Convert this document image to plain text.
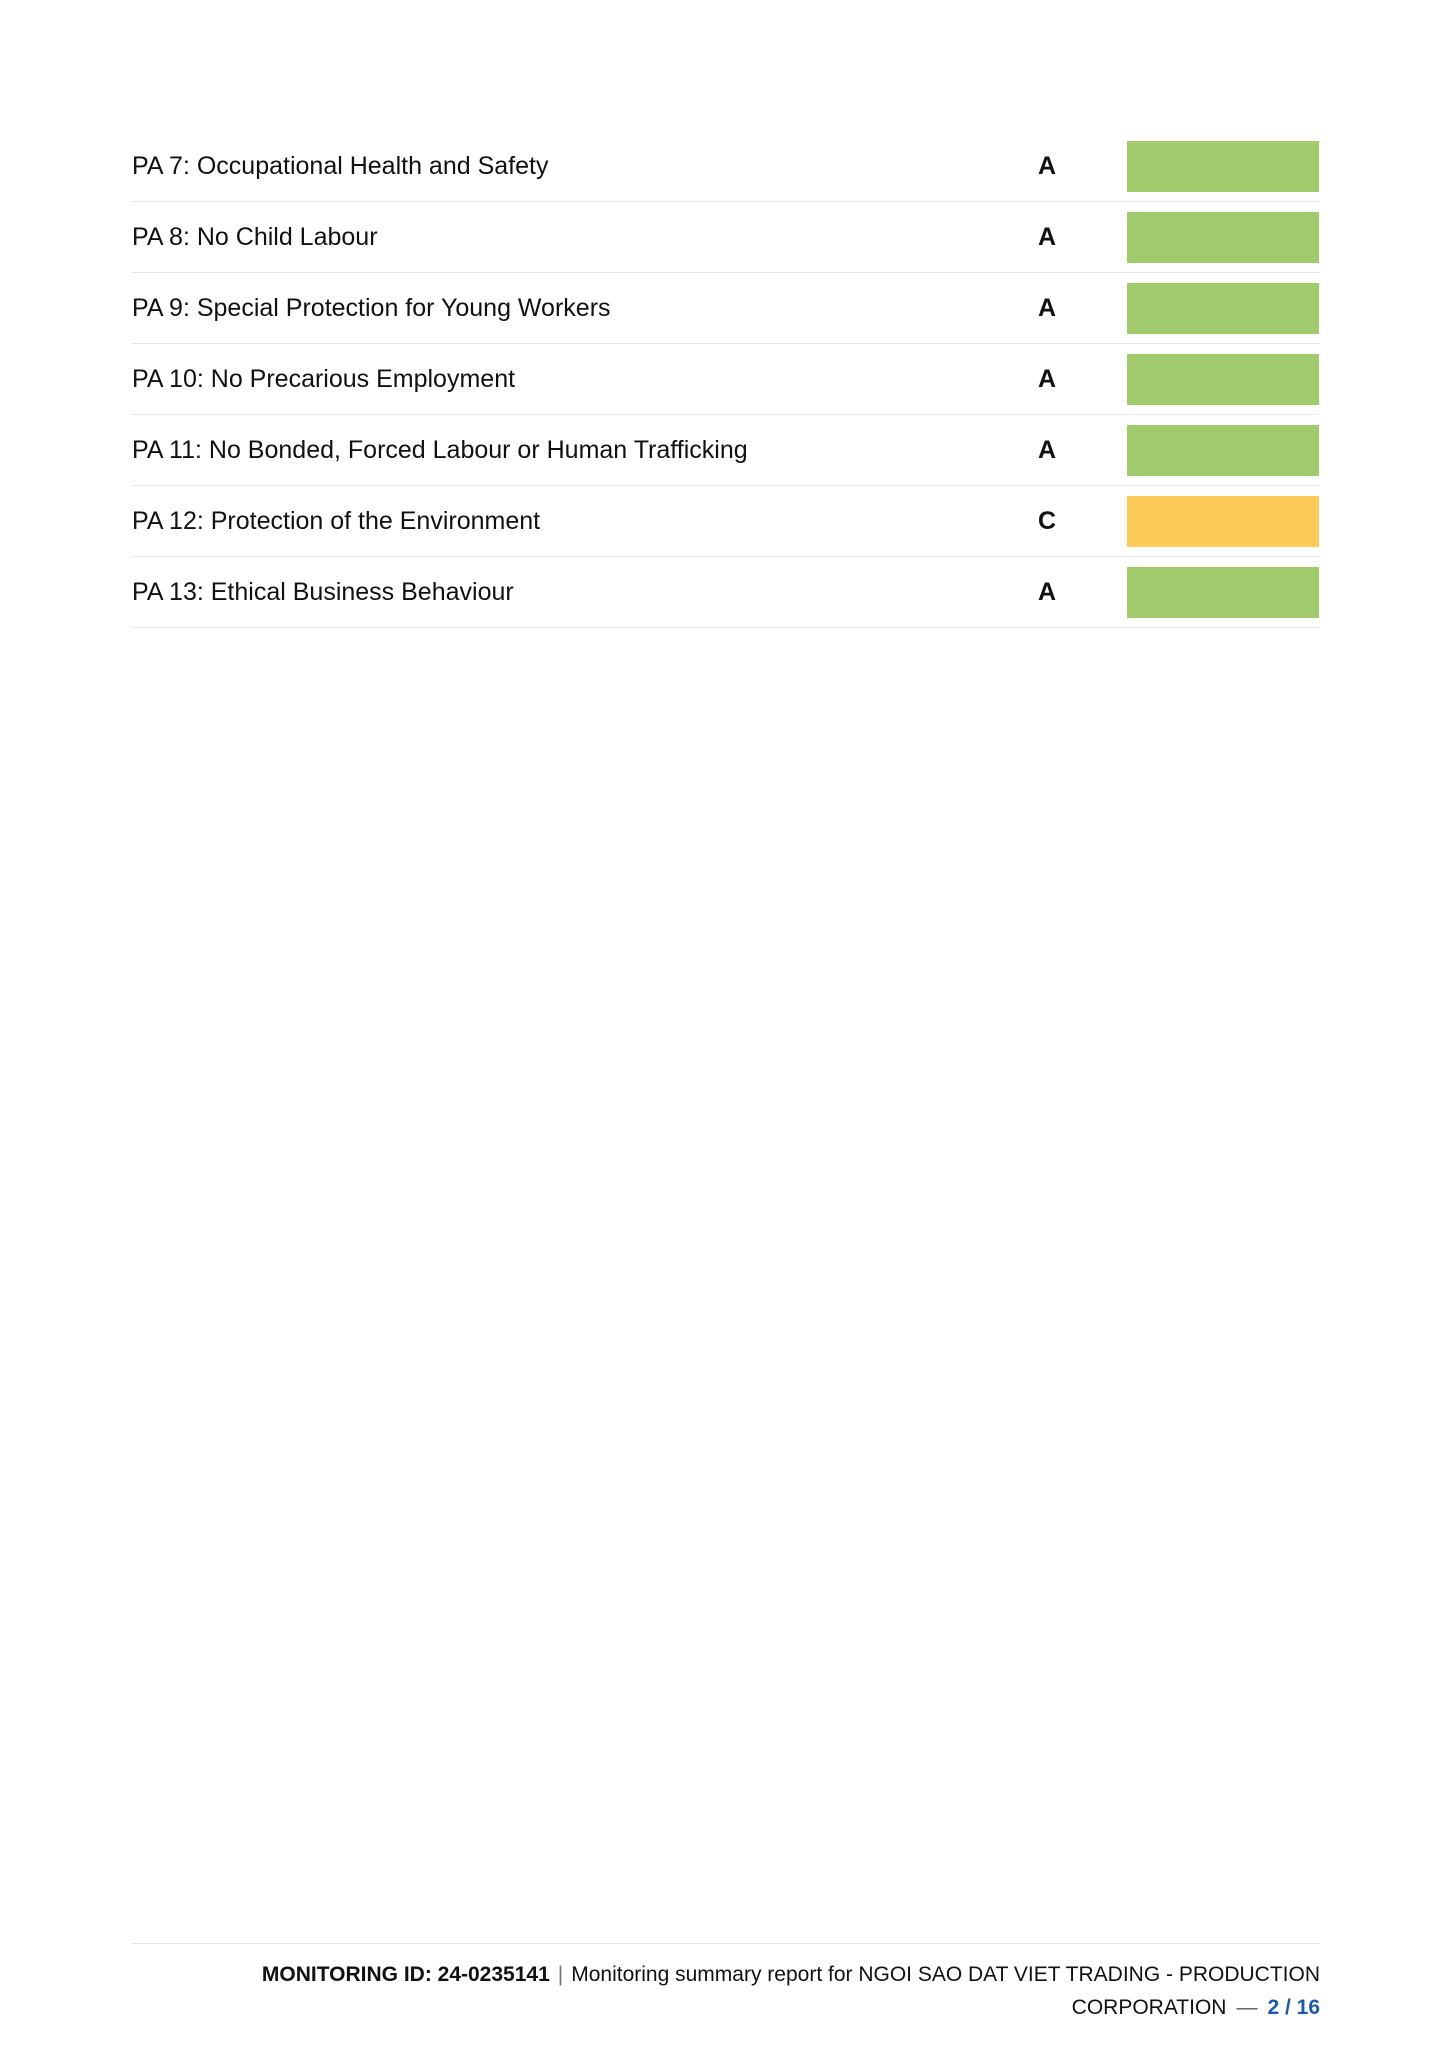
PA 7: Occupational Health and Safety	A
PA 8: No Child Labour	A
PA 9: Special Protection for Young Workers	A
PA 10: No Precarious Employment	A
PA 11: No Bonded, Forced Labour or Human Trafficking	A
PA 12: Protection of the Environment	C
PA 13: Ethical Business Behaviour	A
MONITORING ID: 24-0235141 | Monitoring summary report for NGOI SAO DAT VIET TRADING - PRODUCTION
CORPORATION — 2 / 16
